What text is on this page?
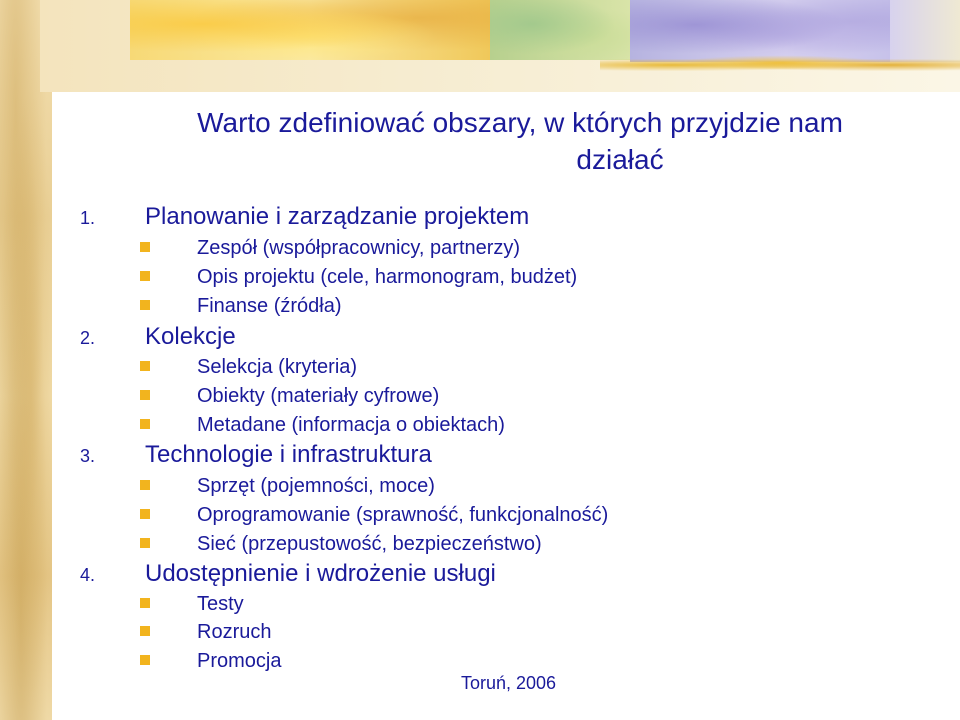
Warto zdefiniować obszary, w których przyjdzie nam
działać
1. Planowanie i zarządzanie projektem
Zespół (współpracownicy, partnerzy)
Opis projektu (cele, harmonogram, budżet)
Finanse (źródła)
2. Kolekcje
Selekcja (kryteria)
Obiekty (materiały cyfrowe)
Metadane (informacja o obiektach)
3. Technologie i infrastruktura
Sprzęt (pojemności, moce)
Oprogramowanie (sprawność, funkcjonalność)
Sieć (przepustowość, bezpieczeństwo)
4. Udostępnienie i wdrożenie usługi
Testy
Rozruch
Promocja
Toruń, 2006
